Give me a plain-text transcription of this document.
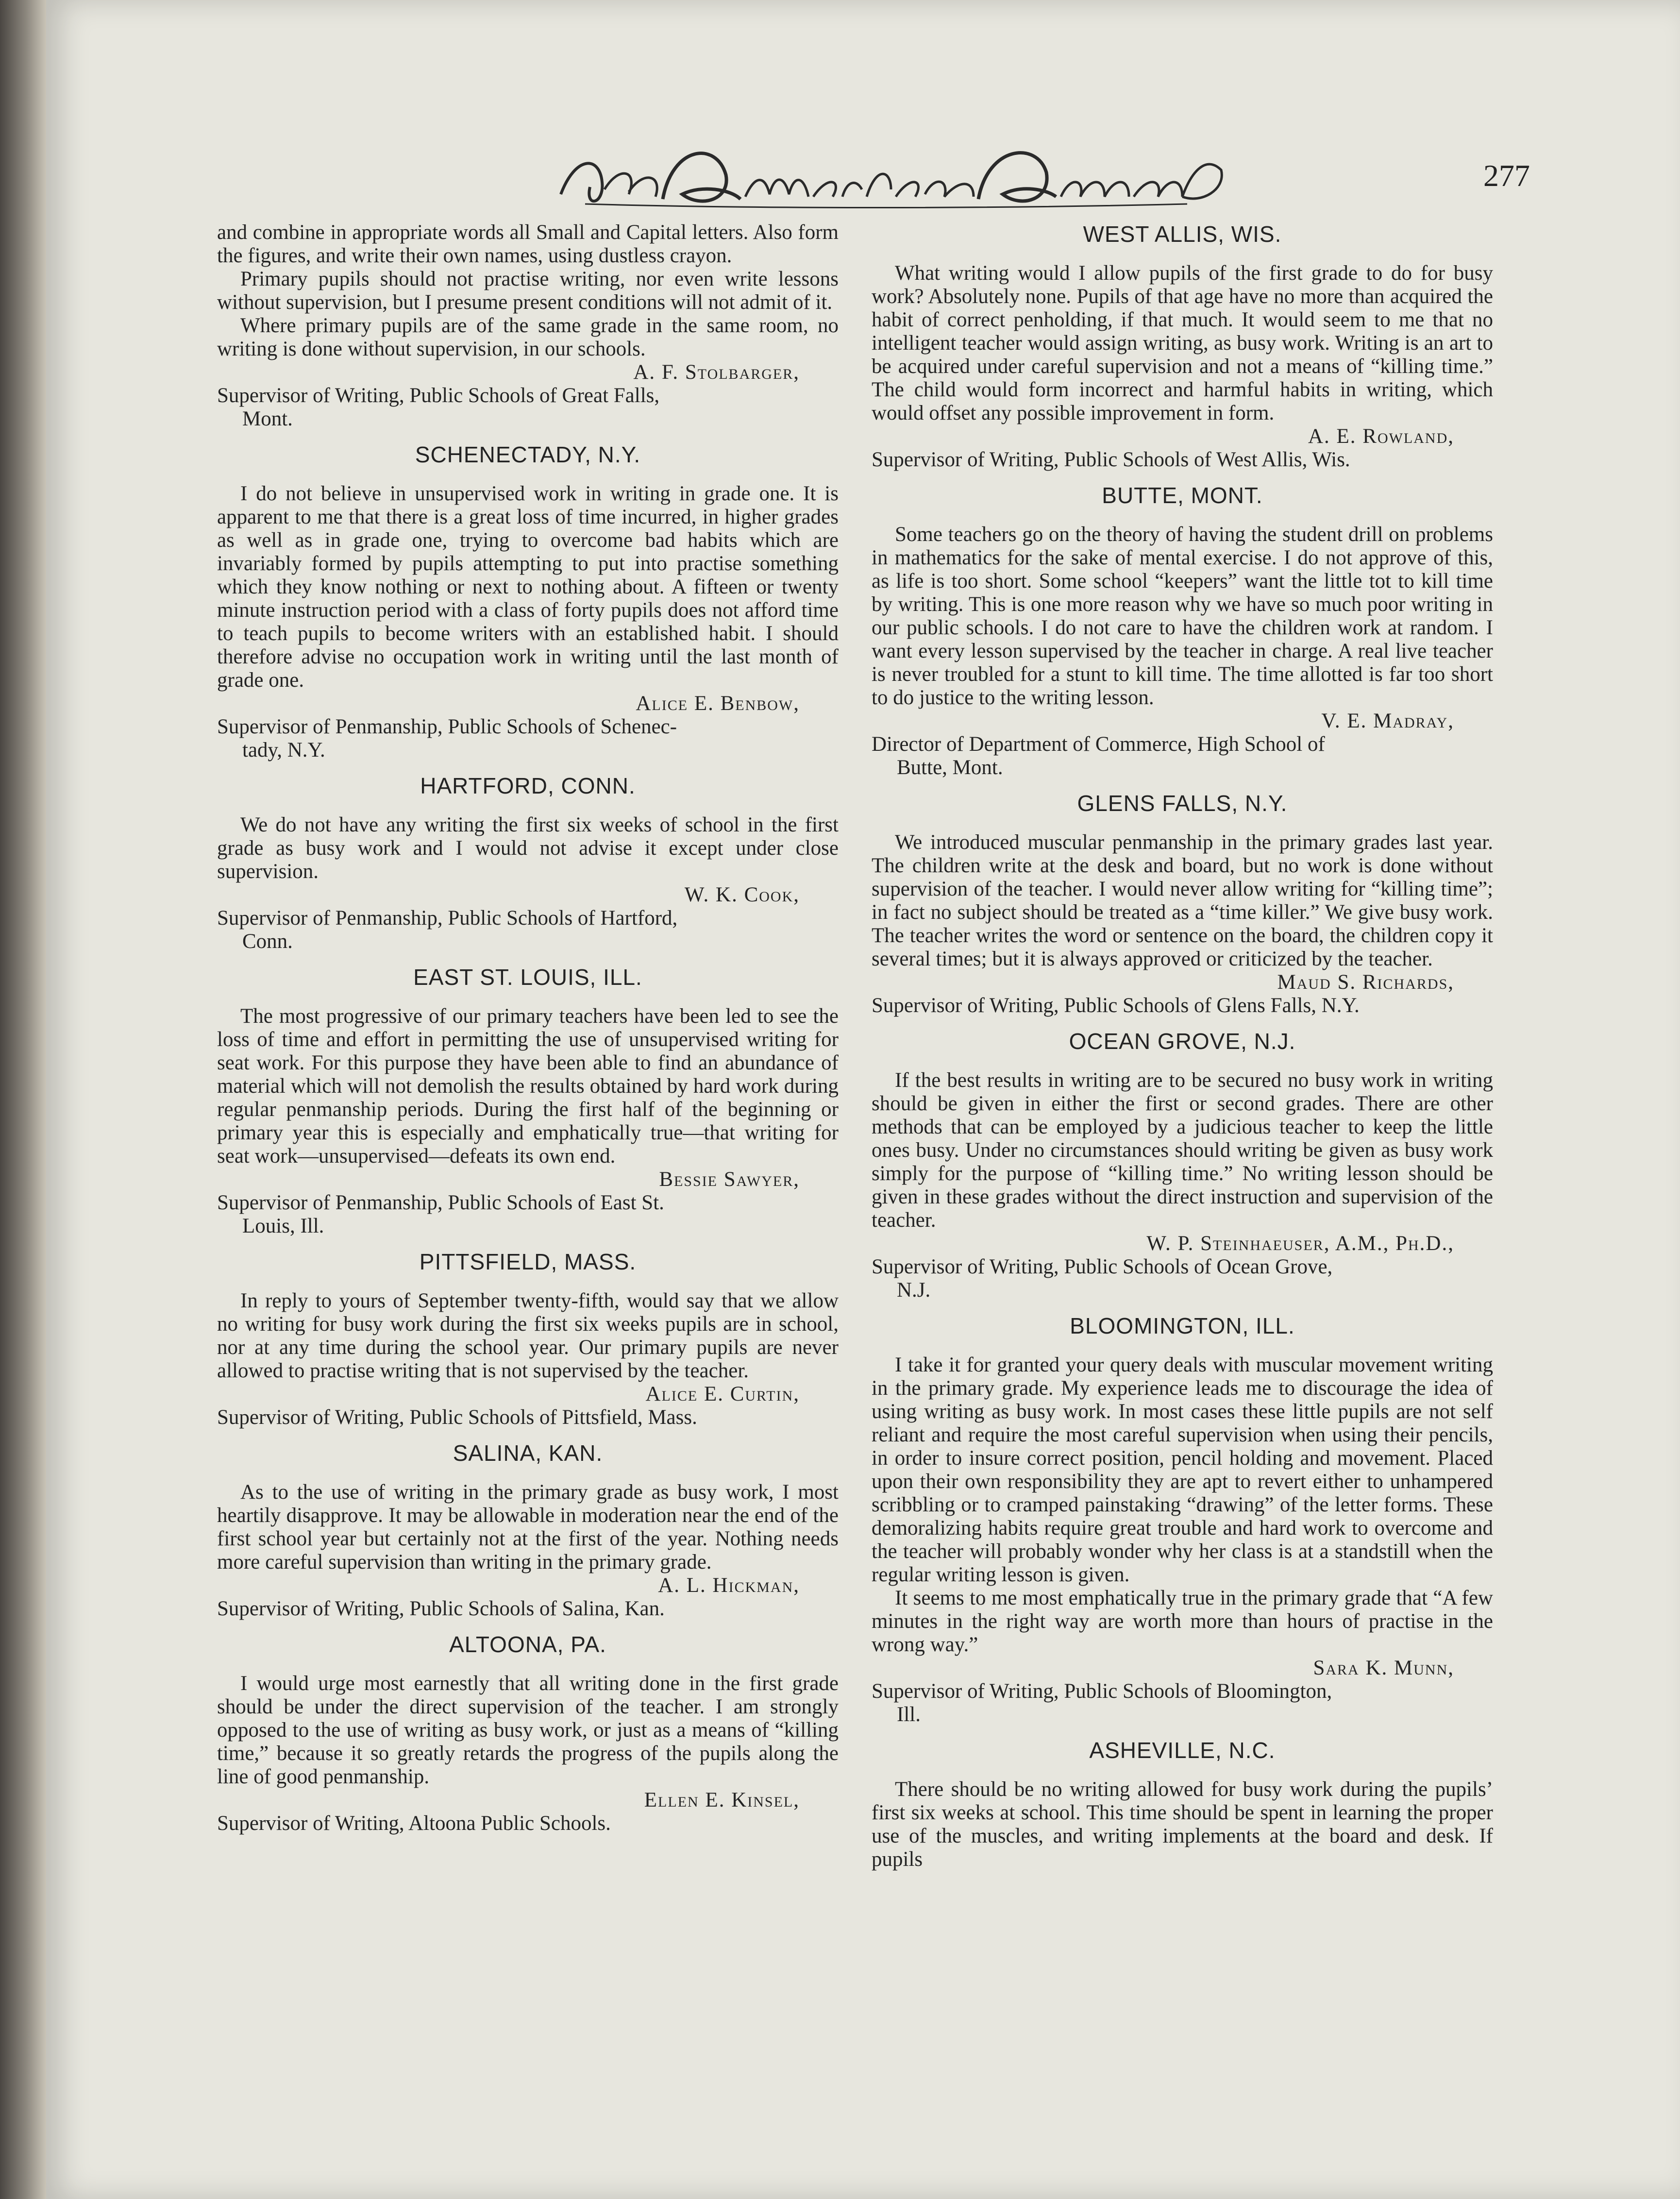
277

and combine in appropriate words all Small and Capital letters. Also form the figures, and write their own names, using dustless crayon.

Primary pupils should not practise writing, nor even write lessons without supervision, but I presume present conditions will not admit of it.

Where primary pupils are of the same grade in the same room, no writing is done without supervision, in our schools.

A. F. Stolbarger,
Supervisor of Writing, Public Schools of Great Falls,
Mont.
SCHENECTADY, N.Y.

I do not believe in unsupervised work in writing in grade one. It is apparent to me that there is a great loss of time incurred, in higher grades as well as in grade one, trying to overcome bad habits which are invariably formed by pupils attempting to put into practise something which they know nothing or next to nothing about. A fifteen or twenty minute instruction period with a class of forty pupils does not afford time to teach pupils to become writers with an established habit. I should therefore advise no occupation work in writing until the last month of grade one.

Alice E. Benbow,
Supervisor of Penmanship, Public Schools of Schenec-
tady, N.Y.
HARTFORD, CONN.

We do not have any writing the first six weeks of school in the first grade as busy work and I would not advise it except under close supervision.

W. K. Cook,
Supervisor of Penmanship, Public Schools of Hartford,
Conn.
EAST ST. LOUIS, ILL.

The most progressive of our primary teachers have been led to see the loss of time and effort in permitting the use of unsupervised writing for seat work. For this purpose they have been able to find an abundance of material which will not demolish the results obtained by hard work during regular penmanship periods. During the first half of the beginning or primary year this is especially and emphatically true—that writing for seat work—unsupervised—defeats its own end.

Bessie Sawyer,
Supervisor of Penmanship, Public Schools of East St.
Louis, Ill.
PITTSFIELD, MASS.

In reply to yours of September twenty-fifth, would say that we allow no writing for busy work during the first six weeks pupils are in school, nor at any time during the school year. Our primary pupils are never allowed to practise writing that is not supervised by the teacher.

Alice E. Curtin,
Supervisor of Writing, Public Schools of Pittsfield, Mass.
SALINA, KAN.

As to the use of writing in the primary grade as busy work, I most heartily disapprove. It may be allowable in moderation near the end of the first school year but certainly not at the first of the year. Nothing needs more careful supervision than writing in the primary grade.

A. L. Hickman,
Supervisor of Writing, Public Schools of Salina, Kan.
ALTOONA, PA.

I would urge most earnestly that all writing done in the first grade should be under the direct supervision of the teacher. I am strongly opposed to the use of writing as busy work, or just as a means of “killing time,” because it so greatly retards the progress of the pupils along the line of good penmanship.

Ellen E. Kinsel,
Supervisor of Writing, Altoona Public Schools.
WEST ALLIS, WIS.

What writing would I allow pupils of the first grade to do for busy work? Absolutely none. Pupils of that age have no more than acquired the habit of correct penholding, if that much. It would seem to me that no intelligent teacher would assign writing, as busy work. Writing is an art to be acquired under careful supervision and not a means of “killing time.” The child would form incorrect and harmful habits in writing, which would offset any possible improvement in form.

A. E. Rowland,
Supervisor of Writing, Public Schools of West Allis, Wis.
BUTTE, MONT.

Some teachers go on the theory of having the student drill on problems in mathematics for the sake of mental exercise. I do not approve of this, as life is too short. Some school “keepers” want the little tot to kill time by writing. This is one more reason why we have so much poor writing in our public schools. I do not care to have the children work at random. I want every lesson supervised by the teacher in charge. A real live teacher is never troubled for a stunt to kill time. The time allotted is far too short to do justice to the writing lesson.

V. E. Madray,
Director of Department of Commerce, High School of
Butte, Mont.
GLENS FALLS, N.Y.

We introduced muscular penmanship in the primary grades last year. The children write at the desk and board, but no work is done without supervision of the teacher. I would never allow writing for “killing time”; in fact no subject should be treated as a “time killer.” We give busy work. The teacher writes the word or sentence on the board, the children copy it several times; but it is always approved or criticized by the teacher.

Maud S. Richards,
Supervisor of Writing, Public Schools of Glens Falls, N.Y.
OCEAN GROVE, N.J.

If the best results in writing are to be secured no busy work in writing should be given in either the first or second grades. There are other methods that can be employed by a judicious teacher to keep the little ones busy. Under no circumstances should writing be given as busy work simply for the purpose of “killing time.” No writing lesson should be given in these grades without the direct instruction and supervision of the teacher.

W. P. Steinhaeuser, A.M., Ph.D.,
Supervisor of Writing, Public Schools of Ocean Grove,
N.J.
BLOOMINGTON, ILL.

I take it for granted your query deals with muscular movement writing in the primary grade. My experience leads me to discourage the idea of using writing as busy work. In most cases these little pupils are not self reliant and require the most careful supervision when using their pencils, in order to insure correct position, pencil holding and movement. Placed upon their own responsibility they are apt to revert either to unhampered scribbling or to cramped painstaking “drawing” of the letter forms. These demoralizing habits require great trouble and hard work to overcome and the teacher will probably wonder why her class is at a standstill when the regular writing lesson is given.

It seems to me most emphatically true in the primary grade that “A few minutes in the right way are worth more than hours of practise in the wrong way.”

Sara K. Munn,
Supervisor of Writing, Public Schools of Bloomington,
Ill.
ASHEVILLE, N.C.

There should be no writing allowed for busy work during the pupils’ first six weeks at school. This time should be spent in learning the proper use of the muscles, and writing implements at the board and desk. If pupils
